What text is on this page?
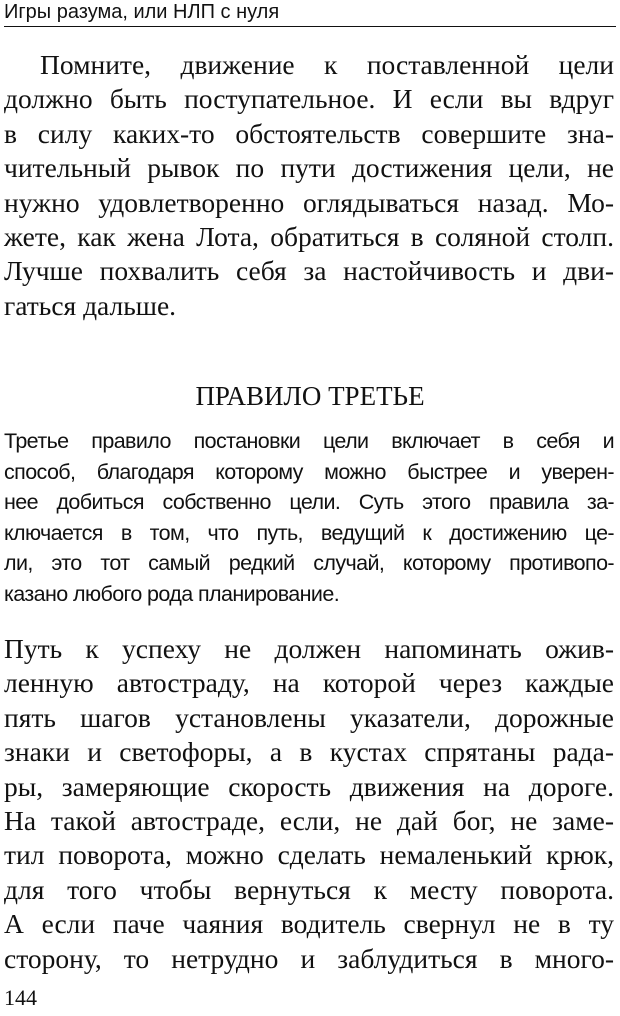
Игры разума, или НЛП с нуля
Помните, движение к поставленной цели
должно быть поступательное. И если вы вдруг
в силу каких-то обстоятельств совершите зна-
чительный рывок по пути достижения цели, не
нужно удовлетворенно оглядываться назад. Мо-
жете, как жена Лота, обратиться в соляной столп.
Лучше похвалить себя за настойчивость и дви-
гаться дальше.
ПРАВИЛО ТРЕТЬЕ
Третье правило постановки цели включает в себя и
способ, благодаря которому можно быстрее и уверен-
нее добиться собственно цели. Суть этого правила за-
ключается в том, что путь, ведущий к достижению це-
ли, это тот самый редкий случай, которому противопо-
казано любого рода планирование.
Путь к успеху не должен напоминать ожив-
ленную автостраду, на которой через каждые
пять шагов установлены указатели, дорожные
знаки и светофоры, а в кустах спрятаны рада-
ры, замеряющие скорость движения на дороге.
На такой автостраде, если, не дай бог, не заме-
тил поворота, можно сделать немаленький крюк,
для того чтобы вернуться к месту поворота.
А если паче чаяния водитель свернул не в ту
сторону, то нетрудно и заблудиться в много-
144
